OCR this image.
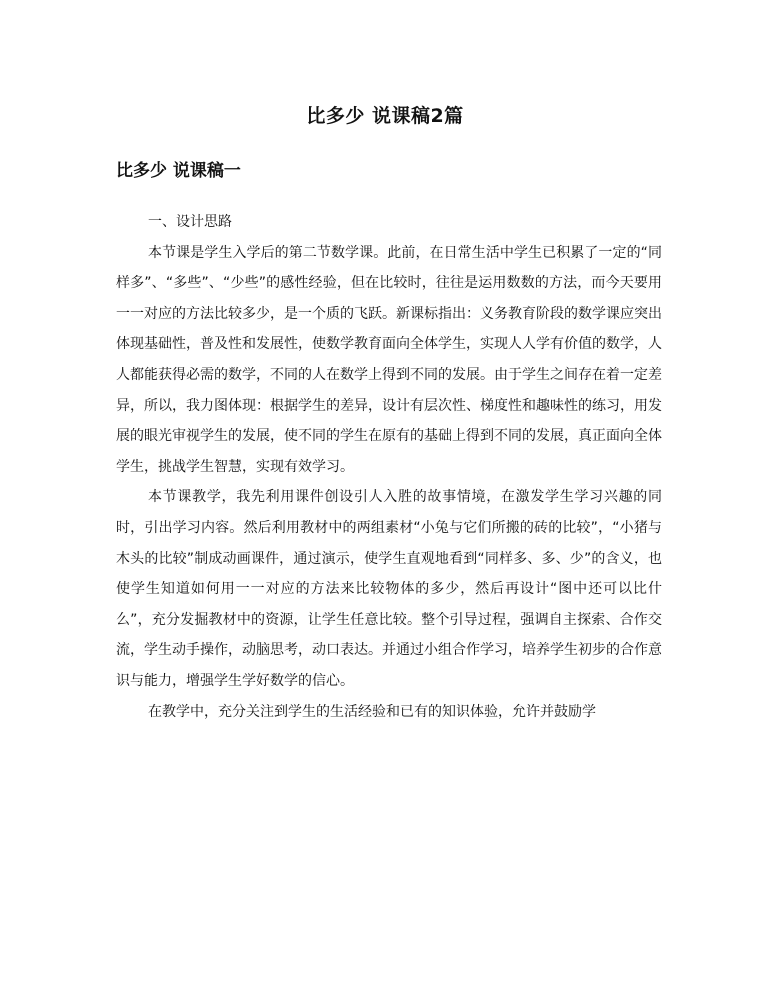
比多少 说课稿2篇
比多少 说课稿一
一、设计思路

本节课是学生入学后的第二节数学课。此前，在日常生活中学生已积累了一定的“同样多”、“多些”、“少些”的感性经验，但在比较时，往往是运用数数的方法，而今天要用一一对应的方法比较多少，是一个质的飞跃。新课标指出：义务教育阶段的数学课应突出体现基础性，普及性和发展性，使数学教育面向全体学生，实现人人学有价值的数学，人人都能获得必需的数学，不同的人在数学上得到不同的发展。由于学生之间存在着一定差异，所以，我力图体现：根据学生的差异，设计有层次性、梯度性和趣味性的练习，用发展的眼光审视学生的发展，使不同的学生在原有的基础上得到不同的发展，真正面向全体学生，挑战学生智慧，实现有效学习。

本节课教学，我先利用课件创设引人入胜的故事情境，在激发学生学习兴趣的同时，引出学习内容。然后利用教材中的两组素材“小兔与它们所搬的砖的比较”，“小猪与木头的比较”制成动画课件，通过演示，使学生直观地看到“同样多、多、少”的含义，也使学生知道如何用一一对应的方法来比较物体的多少，然后再设计“图中还可以比什么”，充分发掘教材中的资源，让学生任意比较。整个引导过程，强调自主探索、合作交流，学生动手操作，动脑思考，动口表达。并通过小组合作学习，培养学生初步的合作意识与能力，增强学生学好数学的信心。

在教学中，充分关注到学生的生活经验和已有的知识体验，允许并鼓励学
